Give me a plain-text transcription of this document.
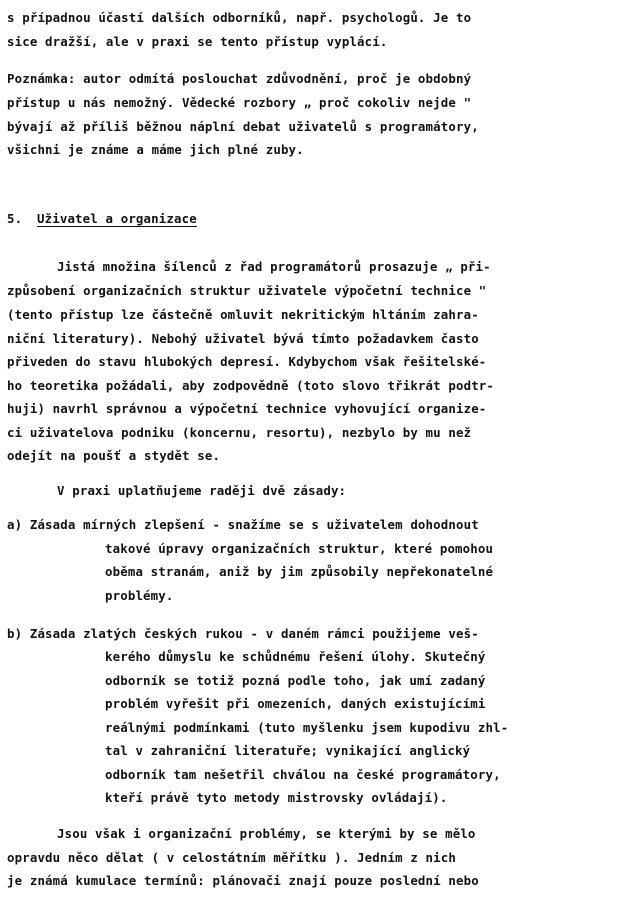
s případnou účastí dalších odborníků, např. psychologů. Je to
sice dražší, ale v praxi se tento přístup vyplácí.
Poznámka: autor odmítá poslouchat zdůvodnění, proč je obdobný
přístup u nás nemožný. Vědecké rozbory „ proč cokoliv nejde "
bývají až příliš běžnou náplní debat uživatelů s programátory,
všichni je známe a máme jich plné zuby.
5. Uživatel a organizace
Jistá množina šílenců z řad programátorů prosazuje „ při-
způsobení organizačních struktur uživatele výpočetní technice "
(tento přístup lze částečně omluvit nekritickým hltáním zahra-
niční literatury). Nebohý uživatel bývá tímto požadavkem často
přiveden do stavu hlubokých depresí. Kdybychom však řešitelské-
ho teoretika požádali, aby zodpovědně (toto slovo třikrát podtr-
huji) navrhl správnou a výpočetní technice vyhovující organize-
ci uživatelova podniku (koncernu, resortu), nezbylo by mu než
odejít na poušť a stydět se.
V praxi uplatňujeme raději dvě zásady:
a) Zásada mírných zlepšení - snažíme se s uživatelem dohodnout
takové úpravy organizačních struktur, které pomohou
oběma stranám, aniž by jim způsobily nepřekonatelné
problémy.
b) Zásada zlatých českých rukou - v daném rámci použijeme veš-
kerého důmyslu ke schůdnému řešení úlohy. Skutečný
odborník se totiž pozná podle toho, jak umí zadaný
problém vyřešit při omezeních, daných existujícími
reálnými podmínkami (tuto myšlenku jsem kupodivu zhl-
tal v zahraniční literatuře; vynikající anglický
odborník tam nešetřil chválou na české programátory,
kteří právě tyto metody mistrovsky ovládají).
Jsou však i organizační problémy, se kterými by se mělo
opravdu něco dělat ( v celostátním měřítku ). Jedním z nich
je známá kumulace termínů: plánovači znají pouze poslední nebo
